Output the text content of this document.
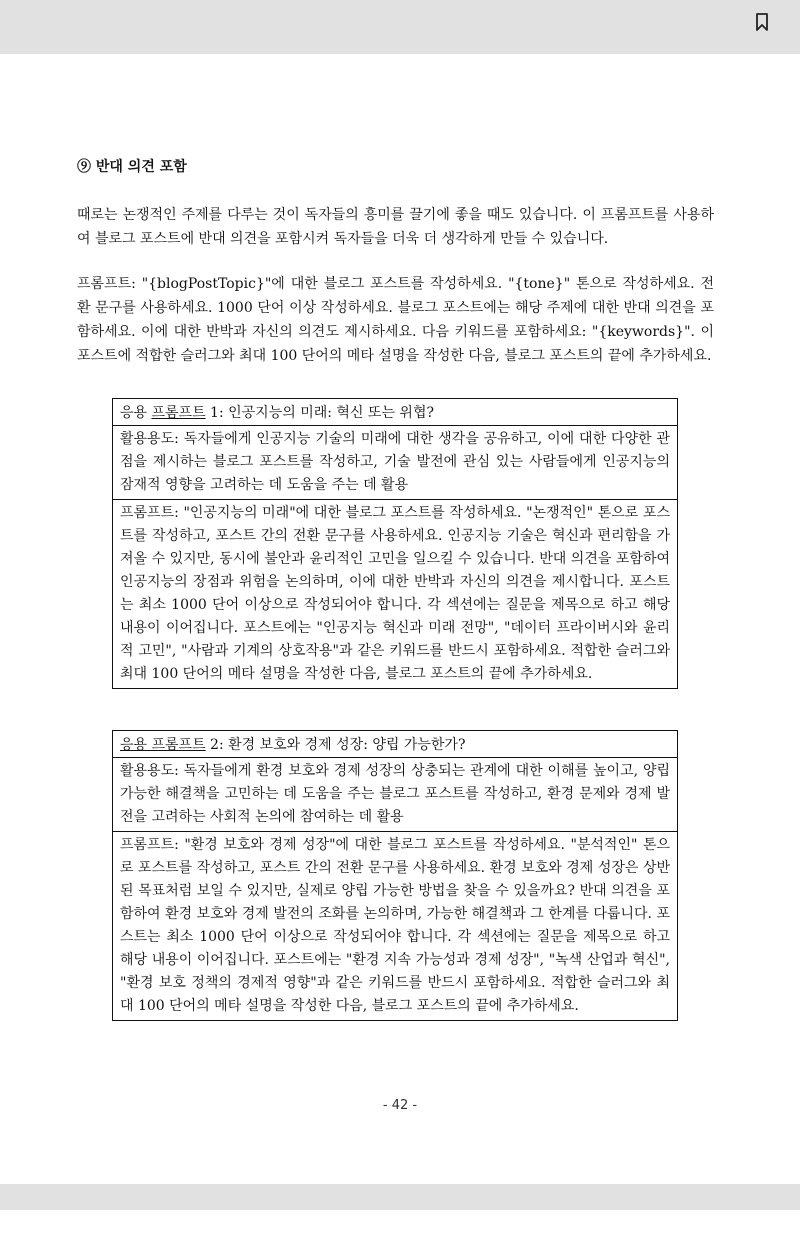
⑨ 반대 의견 포함
때로는 논쟁적인 주제를 다루는 것이 독자들의 흥미를 끌기에 좋을 때도 있습니다. 이 프롬프트를 사용하여 블로그 포스트에 반대 의견을 포함시켜 독자들을 더욱 더 생각하게 만들 수 있습니다.
프롬프트: "{blogPostTopic}"에 대한 블로그 포스트를 작성하세요. "{tone}" 톤으로 작성하세요. 전환 문구를 사용하세요. 1000 단어 이상 작성하세요. 블로그 포스트에는 해당 주제에 대한 반대 의견을 포함하세요. 이에 대한 반박과 자신의 의견도 제시하세요. 다음 키워드를 포함하세요: "{keywords}". 이 포스트에 적합한 슬러그와 최대 100 단어의 메타 설명을 작성한 다음, 블로그 포스트의 끝에 추가하세요.
응용 프롬프트 1: 인공지능의 미래: 혁신 또는 위협?
활용용도: 독자들에게 인공지능 기술의 미래에 대한 생각을 공유하고, 이에 대한 다양한 관점을 제시하는 블로그 포스트를 작성하고, 기술 발전에 관심 있는 사람들에게 인공지능의 잠재적 영향을 고려하는 데 도움을 주는 데 활용
프롬프트: "인공지능의 미래"에 대한 블로그 포스트를 작성하세요. "논쟁적인" 톤으로 포스트를 작성하고, 포스트 간의 전환 문구를 사용하세요. 인공지능 기술은 혁신과 편리함을 가져올 수 있지만, 동시에 불안과 윤리적인 고민을 일으킬 수 있습니다. 반대 의견을 포함하여 인공지능의 장점과 위험을 논의하며, 이에 대한 반박과 자신의 의견을 제시합니다. 포스트는 최소 1000 단어 이상으로 작성되어야 합니다. 각 섹션에는 질문을 제목으로 하고 해당 내용이 이어집니다. 포스트에는 "인공지능 혁신과 미래 전망", "데이터 프라이버시와 윤리적 고민", "사람과 기계의 상호작용"과 같은 키워드를 반드시 포함하세요. 적합한 슬러그와 최대 100 단어의 메타 설명을 작성한 다음, 블로그 포스트의 끝에 추가하세요.
응용 프롬프트 2: 환경 보호와 경제 성장: 양립 가능한가?
활용용도: 독자들에게 환경 보호와 경제 성장의 상충되는 관계에 대한 이해를 높이고, 양립 가능한 해결책을 고민하는 데 도움을 주는 블로그 포스트를 작성하고, 환경 문제와 경제 발전을 고려하는 사회적 논의에 참여하는 데 활용
프롬프트: "환경 보호와 경제 성장"에 대한 블로그 포스트를 작성하세요. "분석적인" 톤으로 포스트를 작성하고, 포스트 간의 전환 문구를 사용하세요. 환경 보호와 경제 성장은 상반된 목표처럼 보일 수 있지만, 실제로 양립 가능한 방법을 찾을 수 있을까요? 반대 의견을 포함하여 환경 보호와 경제 발전의 조화를 논의하며, 가능한 해결책과 그 한계를 다룹니다. 포스트는 최소 1000 단어 이상으로 작성되어야 합니다. 각 섹션에는 질문을 제목으로 하고 해당 내용이 이어집니다. 포스트에는 "환경 지속 가능성과 경제 성장", "녹색 산업과 혁신", "환경 보호 정책의 경제적 영향"과 같은 키워드를 반드시 포함하세요. 적합한 슬러그와 최대 100 단어의 메타 설명을 작성한 다음, 블로그 포스트의 끝에 추가하세요.
- 42 -
